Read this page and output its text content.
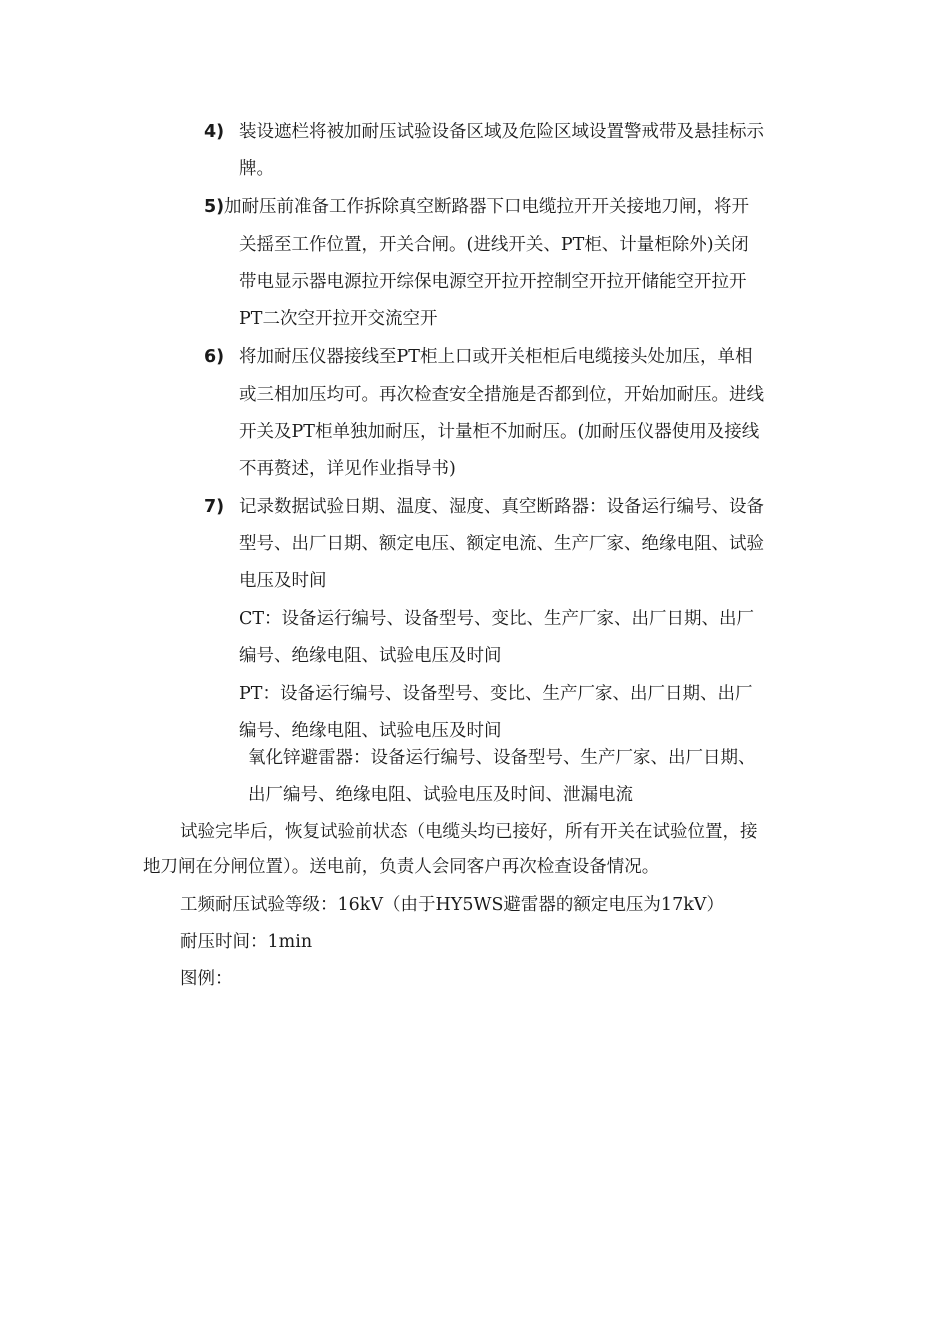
4) 装设遮栏将被加耐压试验设备区域及危险区域设置警戒带及悬挂标示
牌。
5) 加耐压前准备工作拆除真空断路器下口电缆拉开开关接地刀闸，将开
关摇至工作位置，开关合闸。(进线开关、PT柜、计量柜除外)关闭
带电显示器电源拉开综保电源空开拉开控制空开拉开储能空开拉开
PT二次空开拉开交流空开
6) 将加耐压仪器接线至PT柜上口或开关柜柜后电缆接头处加压，单相
或三相加压均可。再次检查安全措施是否都到位，开始加耐压。进线
开关及PT柜单独加耐压，计量柜不加耐压。(加耐压仪器使用及接线
不再赘述，详见作业指导书)
7) 记录数据试验日期、温度、湿度、真空断路器：设备运行编号、设备
型号、出厂日期、额定电压、额定电流、生产厂家、绝缘电阻、试验
电压及时间
CT：设备运行编号、设备型号、变比、生产厂家、出厂日期、出厂
编号、绝缘电阻、试验电压及时间
PT：设备运行编号、设备型号、变比、生产厂家、出厂日期、出厂
编号、绝缘电阻、试验电压及时间
氧化锌避雷器：设备运行编号、设备型号、生产厂家、出厂日期、
出厂编号、绝缘电阻、试验电压及时间、泄漏电流
试验完毕后，恢复试验前状态（电缆头均已接好，所有开关在试验位置，接
地刀闸在分闸位置）。送电前，负责人会同客户再次检查设备情况。
工频耐压试验等级：16kV（由于HY5WS避雷器的额定电压为17kV）
耐压时间：1min
图例：
